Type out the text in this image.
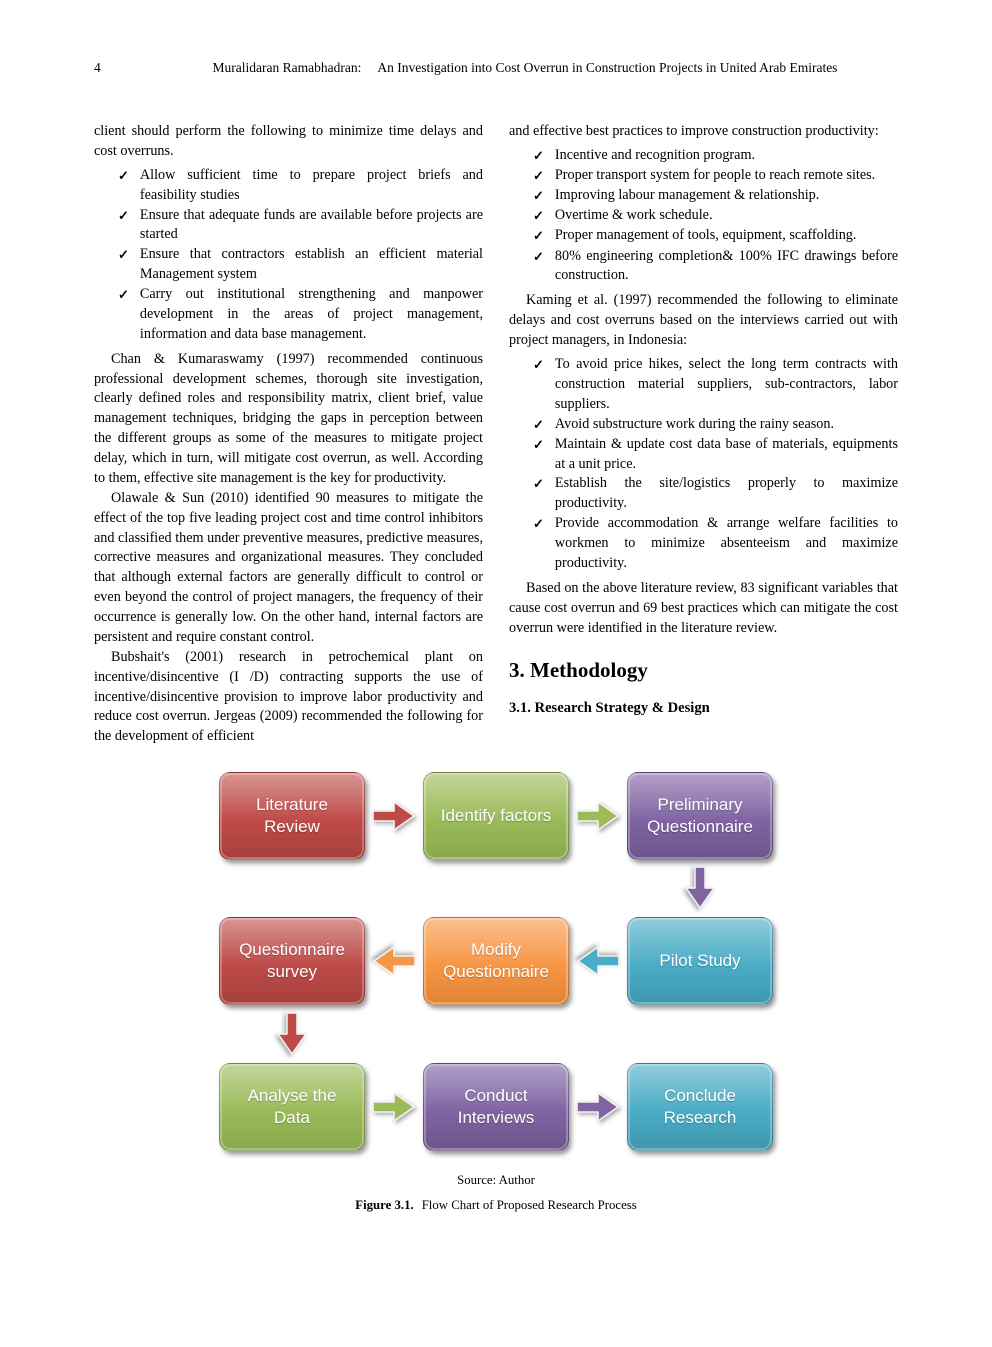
4	Muralidaran Ramabhadran: An Investigation into Cost Overrun in Construction Projects in United Arab Emirates

client should perform the following to minimize time delays and cost overruns.

✓ Allow sufficient time to prepare project briefs and feasibility studies
✓ Ensure that adequate funds are available before projects are started
✓ Ensure that contractors establish an efficient material Management system
✓ Carry out institutional strengthening and manpower development in the areas of project management, information and data base management.

Chan & Kumaraswamy (1997) recommended continuous professional development schemes, thorough site investigation, clearly defined roles and responsibility matrix, client brief, value management techniques, bridging the gaps in perception between the different groups as some of the measures to mitigate project delay, which in turn, will mitigate cost overrun, as well. According to them, effective site management is the key for productivity.

Olawale & Sun (2010) identified 90 measures to mitigate the effect of the top five leading project cost and time control inhibitors and classified them under preventive measures, predictive measures, corrective measures and organizational measures. They concluded that although external factors are generally difficult to control or even beyond the control of project managers, the frequency of their occurrence is generally low. On the other hand, internal factors are persistent and require constant control.

Bubshait's (2001) research in petrochemical plant on incentive/disincentive (I /D) contracting supports the use of incentive/disincentive provision to improve labor productivity and reduce cost overrun. Jergeas (2009) recommended the following for the development of efficient

and effective best practices to improve construction productivity:

✓ Incentive and recognition program.
✓ Proper transport system for people to reach remote sites.
✓ Improving labour management & relationship.
✓ Overtime & work schedule.
✓ Proper management of tools, equipment, scaffolding.
✓ 80% engineering completion& 100% IFC drawings before construction.

Kaming et al. (1997) recommended the following to eliminate delays and cost overruns based on the interviews carried out with project managers, in Indonesia:

✓ To avoid price hikes, select the long term contracts with construction material suppliers, sub-contractors, labor suppliers.
✓ Avoid substructure work during the rainy season.
✓ Maintain & update cost data base of materials, equipments at a unit price.
✓ Establish the site/logistics properly to maximize productivity.
✓ Provide accommodation & arrange welfare facilities to workmen to minimize absenteeism and maximize productivity.

Based on the above literature review, 83 significant variables that cause cost overrun and 69 best practices which can mitigate the cost overrun were identified in the literature review.

3. Methodology
3.1. Research Strategy & Design
Literature Review
Identify factors
Preliminary Questionnaire
Questionnaire survey
Modify Questionnaire
Pilot Study
Analyse the Data
Conduct Interviews
Conclude Research
Source: Author
Figure 3.1. Flow Chart of Proposed Research Process
